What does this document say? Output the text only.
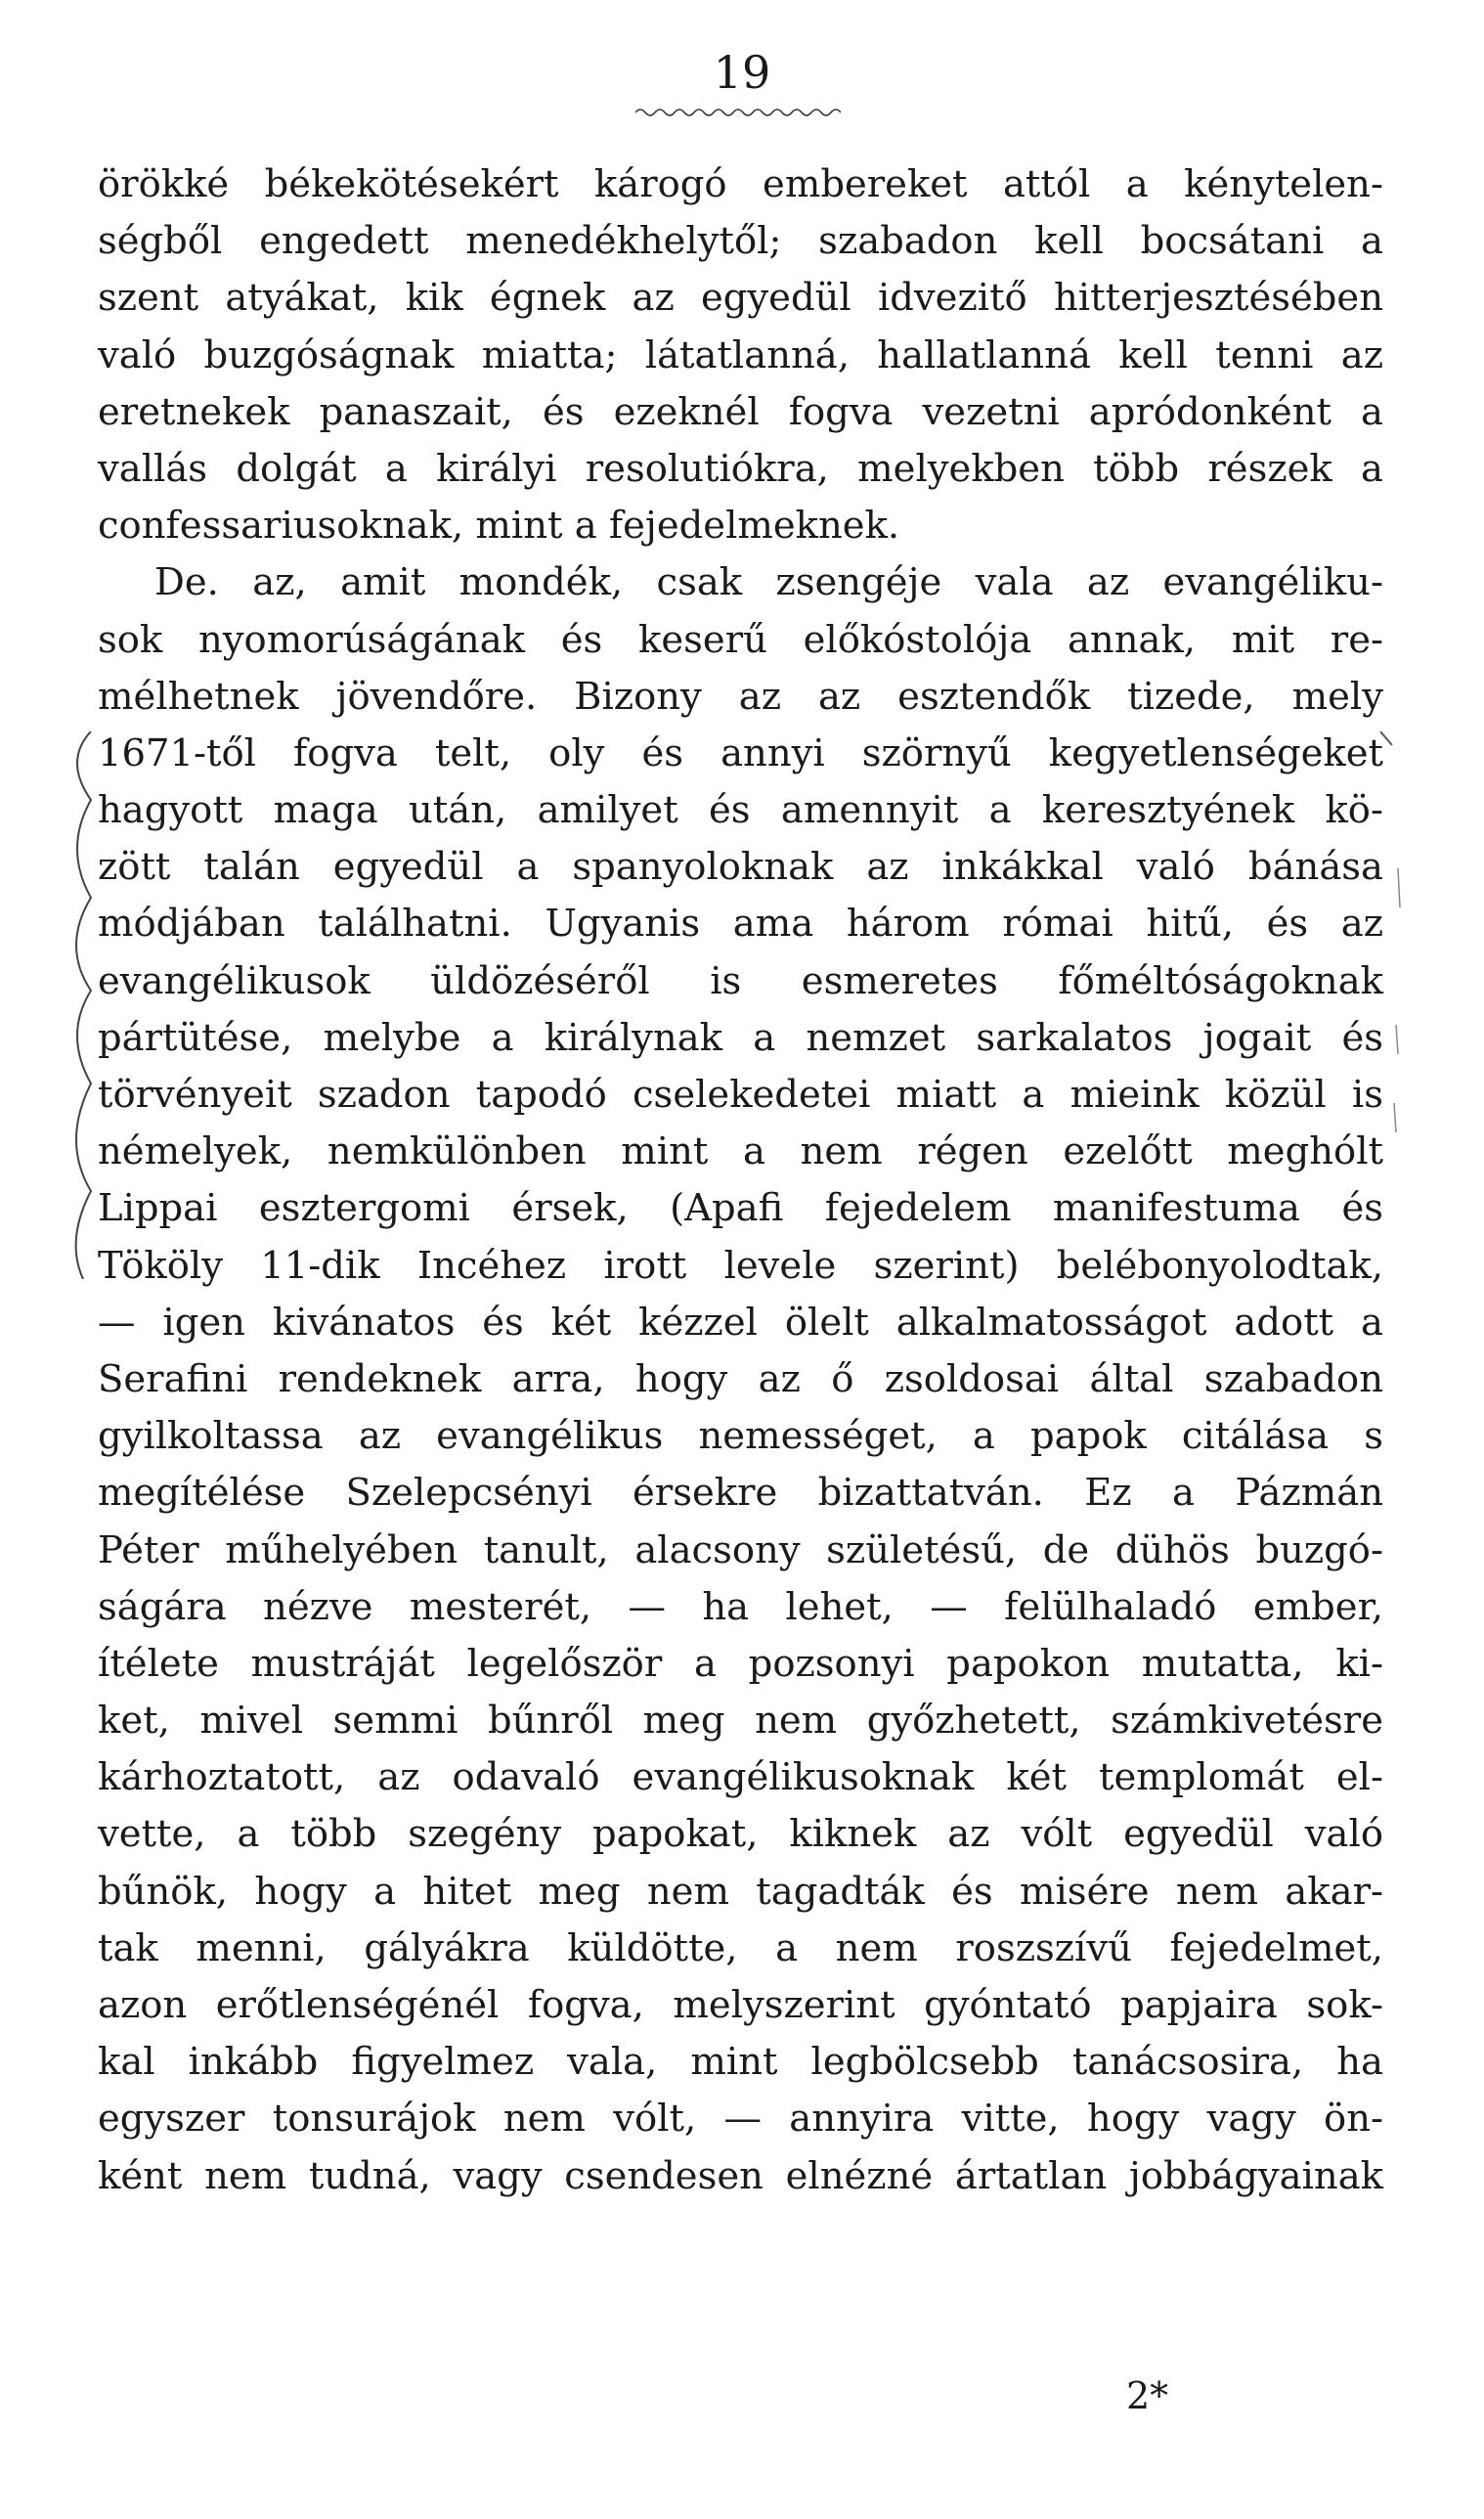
19
örökké békekötésekért károgó embereket attól a kénytelen-
ségből engedett menedékhelytől; szabadon kell bocsátani a
szent atyákat, kik égnek az egyedül idvezitő hitterjesztésében
való buzgóságnak miatta; látatlanná, hallatlanná kell tenni az
eretnekek panaszait, és ezeknél fogva vezetni apródonként a
vallás dolgát a királyi resolutiókra, melyekben több részek a
confessariusoknak, mint a fejedelmeknek.
De. az, amit mondék, csak zsengéje vala az evangéliku-
sok nyomorúságának és keserű előkóstolója annak, mit re-
mélhetnek jövendőre. Bizony az az esztendők tizede, mely
1671-től fogva telt, oly és annyi szörnyű kegyetlenségeket
hagyott maga után, amilyet és amennyit a keresztyének kö-
zött talán egyedül a spanyoloknak az inkákkal való bánása
módjában találhatni. Ugyanis ama három római hitű, és az
evangélikusok üldözéséről is esmeretes főméltóságoknak
pártütése, melybe a királynak a nemzet sarkalatos jogait és
törvényeit szadon tapodó cselekedetei miatt a mieink közül is
némelyek, nemkülönben mint a nem régen ezelőtt meghólt
Lippai esztergomi érsek, (Apafi fejedelem manifestuma és
Tököly 11-dik Incéhez irott levele szerint) belébonyolodtak,
— igen kivánatos és két kézzel ölelt alkalmatosságot adott a
Serafini rendeknek arra, hogy az ő zsoldosai által szabadon
gyilkoltassa az evangélikus nemességet, a papok citálása s
megítélése Szelepcsényi érsekre bizattatván. Ez a Pázmán
Péter műhelyében tanult, alacsony születésű, de dühös buzgó-
ságára nézve mesterét, — ha lehet, — felülhaladó ember,
ítélete mustráját legelőször a pozsonyi papokon mutatta, ki-
ket, mivel semmi bűnről meg nem győzhetett, számkivetésre
kárhoztatott, az odavaló evangélikusoknak két templomát el-
vette, a több szegény papokat, kiknek az vólt egyedül való
bűnök, hogy a hitet meg nem tagadták és misére nem akar-
tak menni, gályákra küldötte, a nem roszszívű fejedelmet,
azon erőtlenségénél fogva, melyszerint gyóntató papjaira sok-
kal inkább figyelmez vala, mint legbölcsebb tanácsosira, ha
egyszer tonsurájok nem vólt, — annyira vitte, hogy vagy ön-
ként nem tudná, vagy csendesen elnézné ártatlan jobbágyainak
2*
